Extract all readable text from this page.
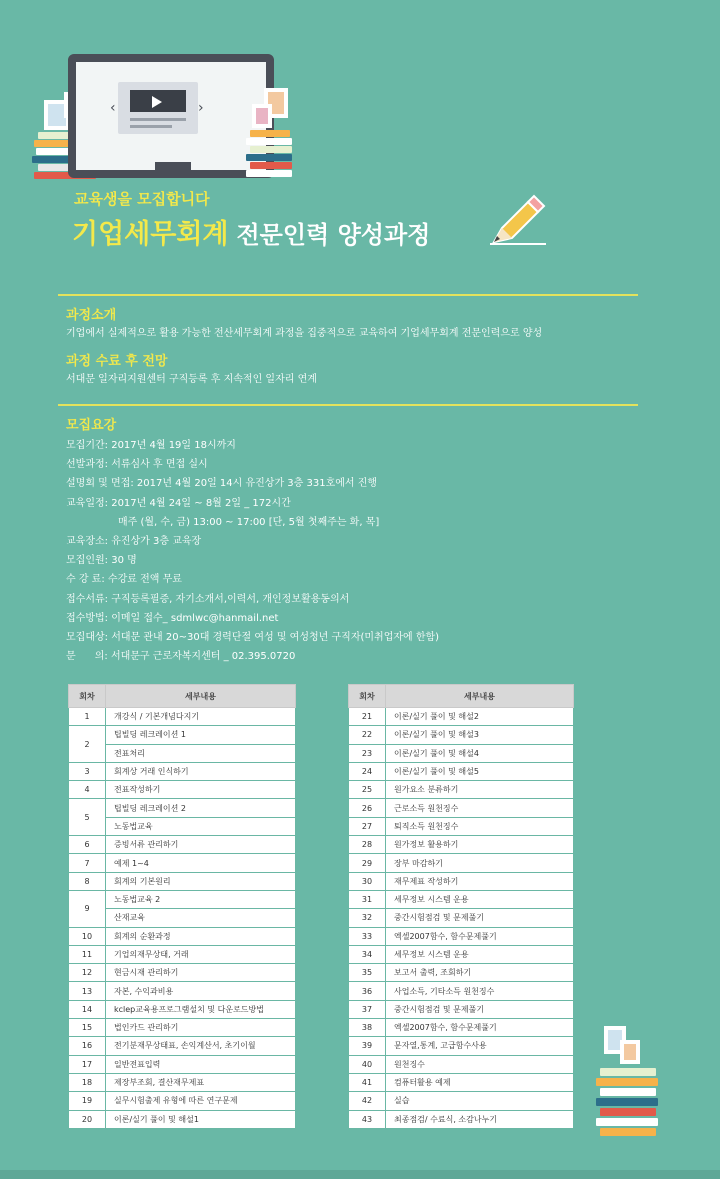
‹	›
교육생을 모집합니다
기업세무회계 전문인력 양성과정
과정소개
기업에서 실제적으로 활용 가능한 전산세무회계 과정을 집중적으로 교육하여 기업세무회계 전문인력으로 양성
과정 수료 후 전망
서대문 일자리지원센터 구직등록 후 지속적인 일자리 연계
모집요강
모집기간:
2017년 4월 19일 18시까지
선발과정:
서류심사 후 면접 실시
설명회 및 면접:
2017년 4월 20일 14시 유진상가 3층 331호에서 진행
교육일정:
2017년 4월 24일 ~ 8월 2일 _ 172시간
매주 (월, 수, 금) 13:00 ~ 17:00 [단, 5월 첫째주는 화, 목]
교육장소:
유진상가 3층 교육장
모집인원:
30 명
수 강 료:
수강료 전액 무료
접수서류:
구직등록필증, 자기소개서,이력서, 개인정보활용동의서
접수방법:
이메일 접수_ sdmlwc@hanmail.net
모집대상:
서대문 관내 20~30대 경력단절 여성 및 여성청년 구직자(미취업자에 한함)
문      의:
서대문구 근로자복지센터 _ 02.395.0720
회차	세부내용
1	개강식 / 기본개념다지기
2	팁빌딩 레크레이션 1
	전표처리
3	회계상 거래 인식하기
4	전표작성하기
5	팁빌딩 레크레이션 2
	노동법교육
6	증빙서류 관리하기
7	예제 1~4
8	회계의 기본원리
9	노동법교육 2
	산재교육
10	회계의 순환과정
11	기업의재무상태, 거래
12	현금시재 관리하기
13	자본, 수익과비용
14	kclep교육용프로그램설치 및 다운로드방법
15	법인카드 관리하기
16	전기분재무상태표, 손익계산서, 초기이월
17	일반전표입력
18	제장부조회, 결산재무제표
19	실무시험출제 유형에 따른 연구문제
20	이론/실기 풀이 및 해설1
회차	세부내용
21	이론/실기 풀이 및 해설2
22	이론/실기 풀이 및 해설3
23	이론/실기 풀이 및 해설4
24	이론/실기 풀이 및 해설5
25	원가요소 분류하기
26	근로소득 원천징수
27	퇴직소득 원천징수
28	원가정보 활용하기
29	장부 마감하기
30	재무제표 작성하기
31	세무정보 시스템 운용
32	중간시험점검 및 문제풀기
33	엑셀2007함수, 함수문제풀기
34	세무정보 시스템 운용
35	보고서 출력, 조회하기
36	사업소득, 기타소득 원천징수
37	중간시험점검 및 문제풀기
38	엑셀2007함수, 함수문제풀기
39	문자열,통계, 고급함수사용
40	원천징수
41	컴퓨터활용 예제
42	실습
43	최종점검/ 수료식, 소감나누기
